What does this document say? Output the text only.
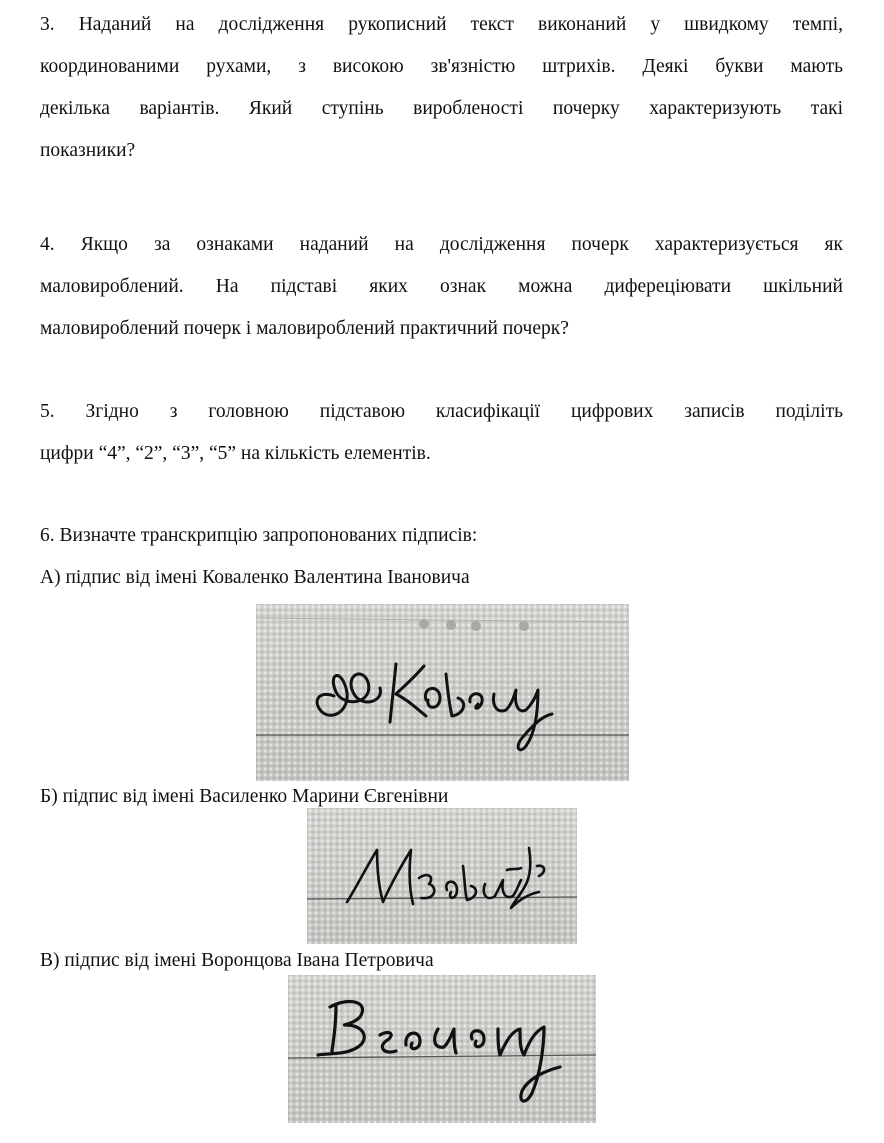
3. Наданий на дослідження рукописний текст виконаний у швидкому темпі,
координованими рухами, з високою зв'язністю штрихів. Деякі букви мають
декілька варіантів. Який ступінь виробленості почерку характеризують такі
показники?
4. Якщо за ознаками наданий на дослідження почерк характеризується як
маловироблений. На підставі яких ознак можна диферецiювати шкільний
маловироблений почерк і маловироблений практичний почерк?
5. Згідно з головною підставою класифікації цифрових записів поділіть
цифри “4”, “2”, “3”, “5” на кількість елементів.

6. Визначте транскрипцію запропонованих підписів:

А) підпис від імені Коваленко Валентина Івановича

Б) підпис від імені Василенко Марини Євгенівни

В) підпис від імені Воронцова Івана Петровича
